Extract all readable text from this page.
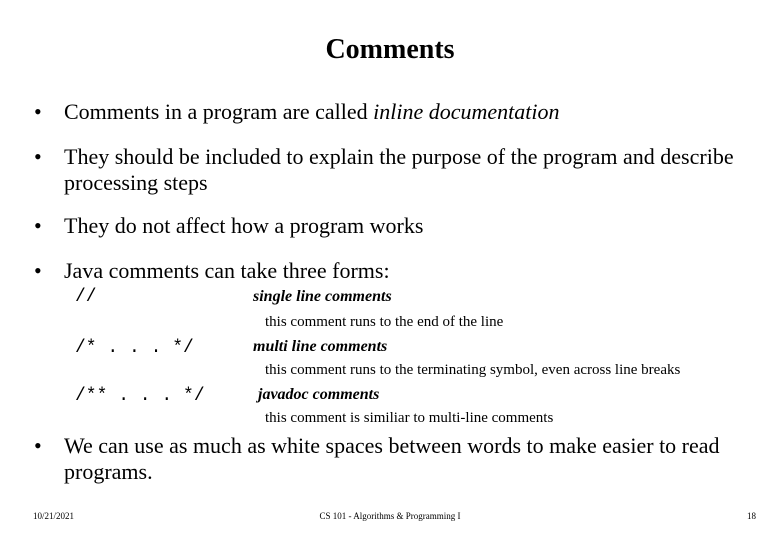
Comments
•	Comments in a program are called inline documentation
•	They should be included to explain the purpose of the program and describe processing steps
•	They do not affect how a program works
•	Java comments can take three forms:
//	single line comments
this comment runs to the end of the line
/* . . . */	multi line comments
this comment runs to the terminating symbol, even across line breaks
/** . . . */	javadoc comments
this comment is similiar to multi-line comments
•	We can use as much as white spaces between words to make easier to read programs.
10/21/2021	CS 101 - Algorithms & Programming I	18
